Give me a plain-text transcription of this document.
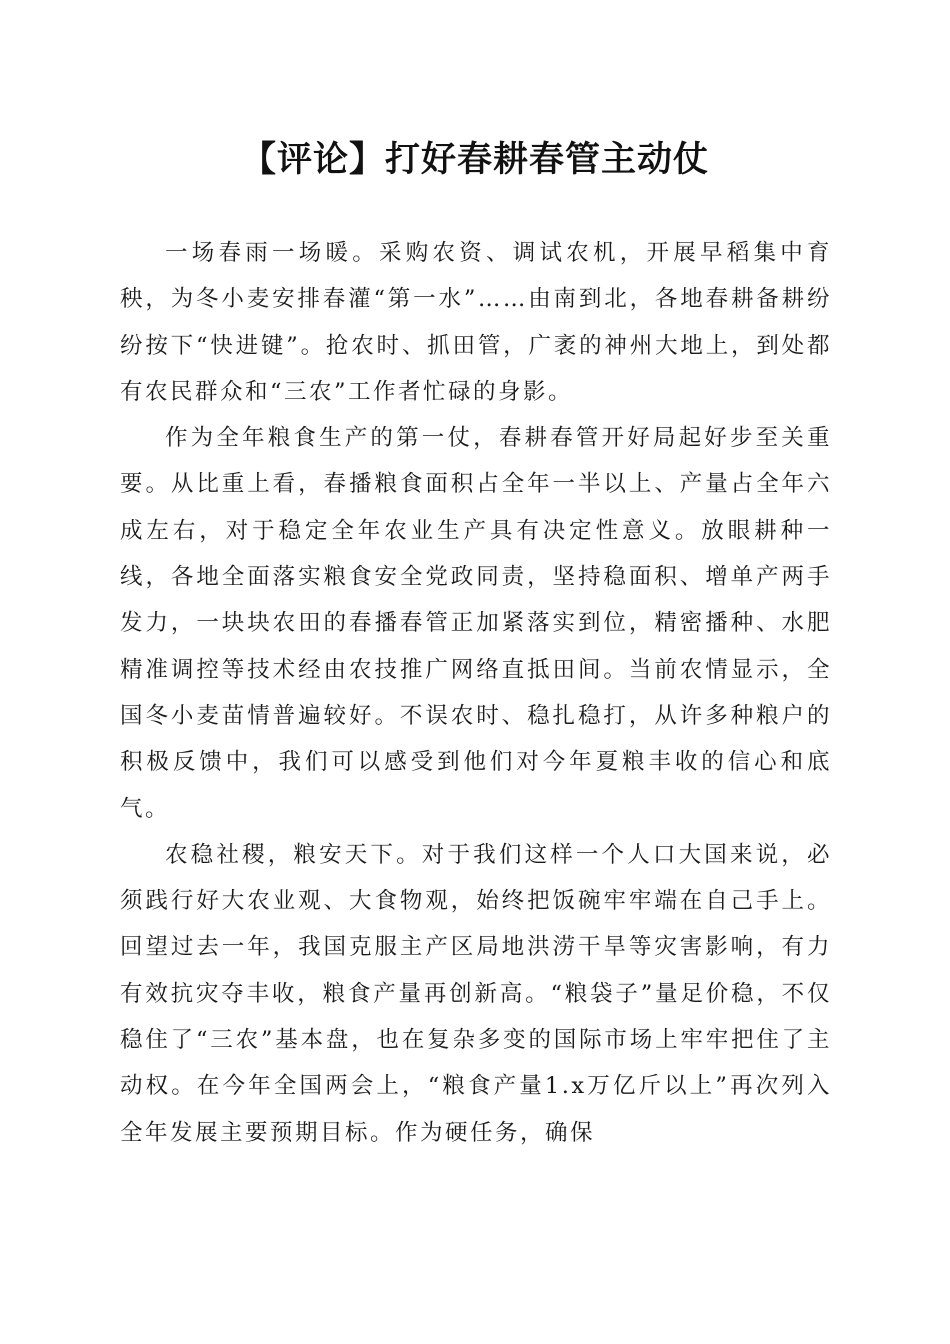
【评论】打好春耕春管主动仗

一场春雨一场暖。采购农资、调试农机，开展早稻集中育秧，为冬小麦安排春灌“第一水”……由南到北，各地春耕备耕纷纷按下“快进键”。抢农时、抓田管，广袤的神州大地上，到处都有农民群众和“三农”工作者忙碌的身影。

作为全年粮食生产的第一仗，春耕春管开好局起好步至关重要。从比重上看，春播粮食面积占全年一半以上、产量占全年六成左右，对于稳定全年农业生产具有决定性意义。放眼耕种一线，各地全面落实粮食安全党政同责，坚持稳面积、增单产两手发力，一块块农田的春播春管正加紧落实到位，精密播种、水肥精准调控等技术经由农技推广网络直抵田间。当前农情显示，全国冬小麦苗情普遍较好。不误农时、稳扎稳打，从许多种粮户的积极反馈中，我们可以感受到他们对今年夏粮丰收的信心和底气。

农稳社稷，粮安天下。对于我们这样一个人口大国来说，必须践行好大农业观、大食物观，始终把饭碗牢牢端在自己手上。回望过去一年，我国克服主产区局地洪涝干旱等灾害影响，有力有效抗灾夺丰收，粮食产量再创新高。“粮袋子”量足价稳，不仅稳住了“三农”基本盘，也在复杂多变的国际市场上牢牢把住了主动权。在今年全国两会上，“粮食产量1.x万亿斤以上”再次列入全年发展主要预期目标。作为硬任务，确保
